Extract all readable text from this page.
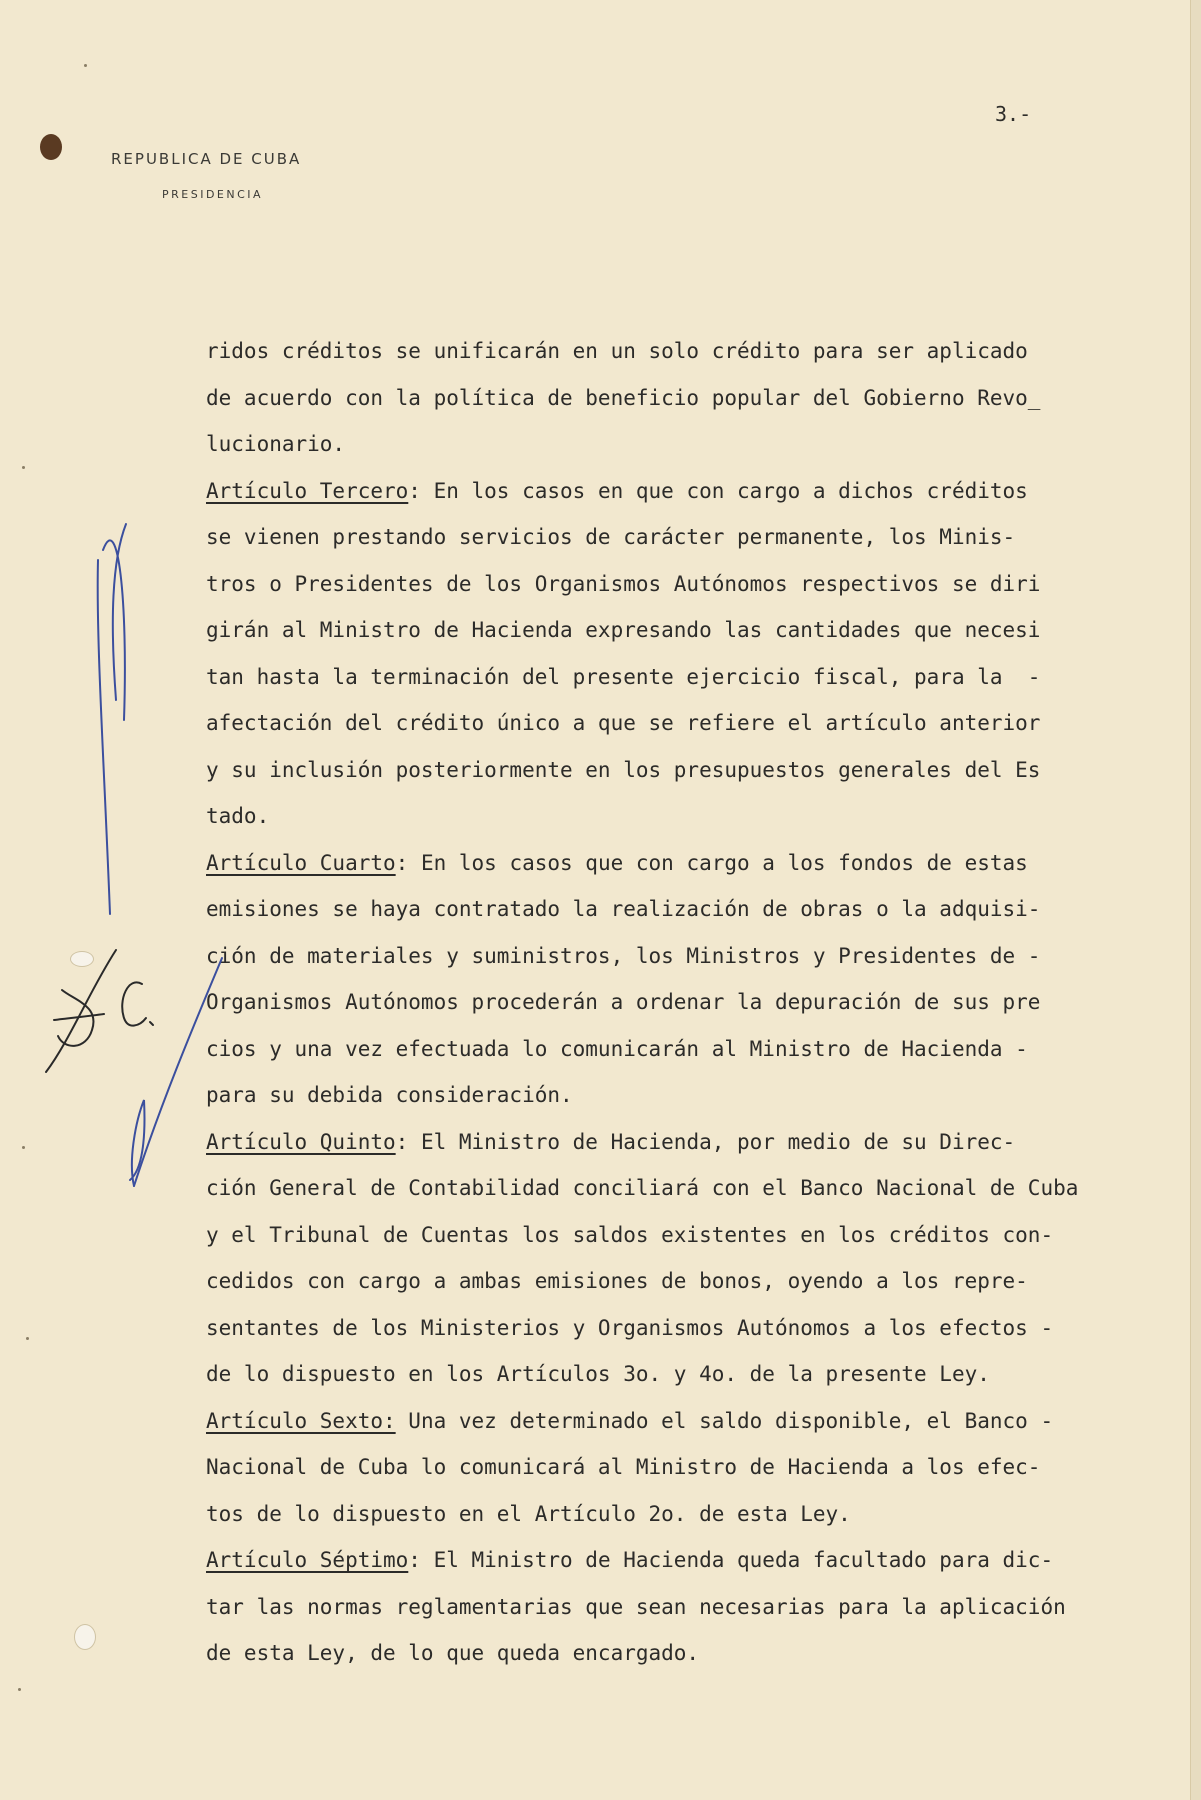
REPUBLICA DE CUBA
PRESIDENCIA
3.-
ridos créditos se unificarán en un solo crédito para ser aplicado
de acuerdo con la política de beneficio popular del Gobierno Revo_
lucionario.
Artículo Tercero: En los casos en que con cargo a dichos créditos
se vienen prestando servicios de carácter permanente, los Minis-
tros o Presidentes de los Organismos Autónomos respectivos se diri
girán al Ministro de Hacienda expresando las cantidades que necesi
tan hasta la terminación del presente ejercicio fiscal, para la  -
afectación del crédito único a que se refiere el artículo anterior
y su inclusión posteriormente en los presupuestos generales del Es
tado.
Artículo Cuarto: En los casos que con cargo a los fondos de estas
emisiones se haya contratado la realización de obras o la adquisi-
ción de materiales y suministros, los Ministros y Presidentes de -
Organismos Autónomos procederán a ordenar la depuración de sus pre
cios y una vez efectuada lo comunicarán al Ministro de Hacienda -
para su debida consideración.
Artículo Quinto: El Ministro de Hacienda, por medio de su Direc-
ción General de Contabilidad conciliará con el Banco Nacional de Cuba
y el Tribunal de Cuentas los saldos existentes en los créditos con-
cedidos con cargo a ambas emisiones de bonos, oyendo a los repre-
sentantes de los Ministerios y Organismos Autónomos a los efectos -
de lo dispuesto en los Artículos 3o. y 4o. de la presente Ley.
Artículo Sexto: Una vez determinado el saldo disponible, el Banco -
Nacional de Cuba lo comunicará al Ministro de Hacienda a los efec-
tos de lo dispuesto en el Artículo 2o. de esta Ley.
Artículo Séptimo: El Ministro de Hacienda queda facultado para dic-
tar las normas reglamentarias que sean necesarias para la aplicación
de esta Ley, de lo que queda encargado.
